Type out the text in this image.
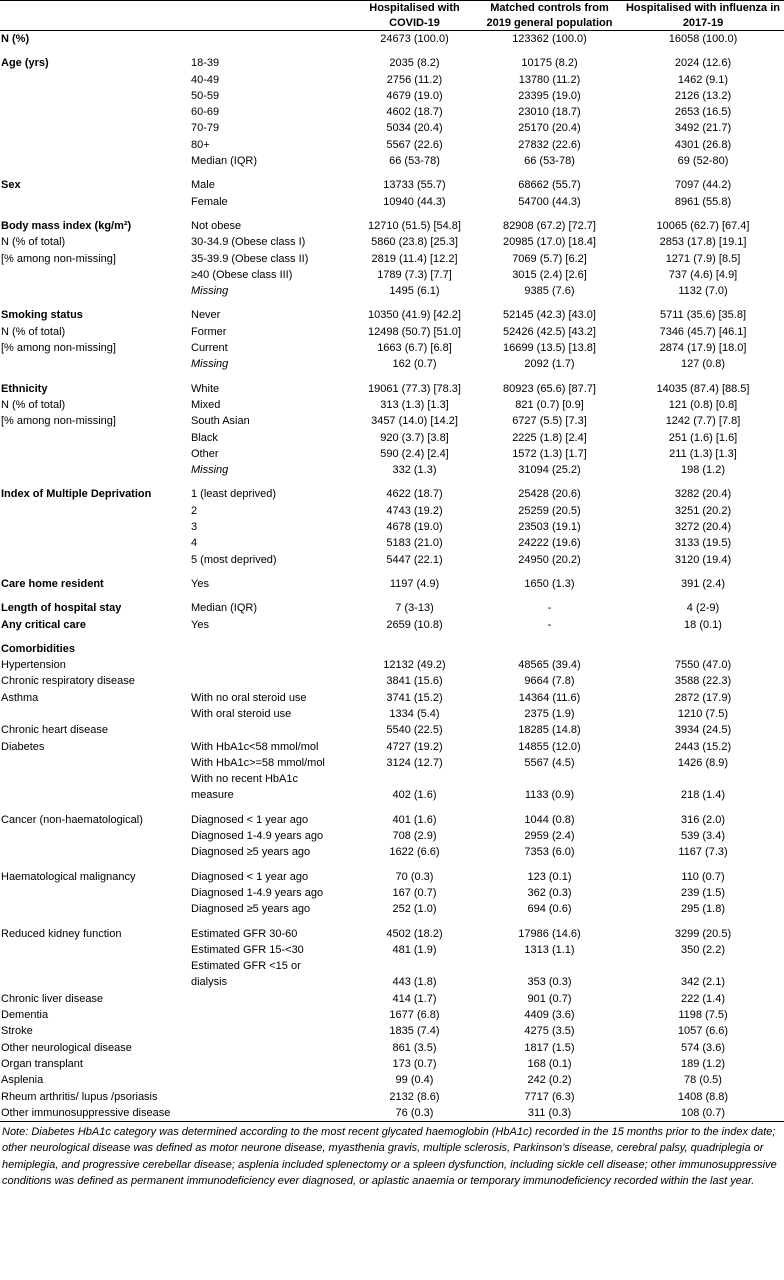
		Hospitalised with COVID-19	Matched controls from 2019 general population	Hospitalised with influenza in 2017-19
N (%)		24673 (100.0)	123362 (100.0)	16058 (100.0)

Age (yrs)	18-39	2035 (8.2)	10175 (8.2)	2024 (12.6)
	40-49	2756 (11.2)	13780 (11.2)	1462 (9.1)
	50-59	4679 (19.0)	23395 (19.0)	2126 (13.2)
	60-69	4602 (18.7)	23010 (18.7)	2653 (16.5)
	70-79	5034 (20.4)	25170 (20.4)	3492 (21.7)
	80+	5567 (22.6)	27832 (22.6)	4301 (26.8)
	Median (IQR)	66 (53-78)	66 (53-78)	69 (52-80)

Sex	Male	13733 (55.7)	68662 (55.7)	7097 (44.2)
	Female	10940 (44.3)	54700 (44.3)	8961 (55.8)

Body mass index (kg/m²)	Not obese	12710 (51.5) [54.8]	82908 (67.2) [72.7]	10065 (62.7) [67.4]
N (% of total)	30-34.9 (Obese class I)	5860 (23.8) [25.3]	20985 (17.0) [18.4]	2853 (17.8) [19.1]
[% among non-missing]	35-39.9 (Obese class II)	2819 (11.4) [12.2]	7069 (5.7) [6.2]	1271 (7.9) [8.5]
	≥40 (Obese class III)	1789 (7.3) [7.7]	3015 (2.4) [2.6]	737 (4.6) [4.9]
	Missing	1495 (6.1)	9385 (7.6)	1132 (7.0)

Smoking status	Never	10350 (41.9) [42.2]	52145 (42.3) [43.0]	5711 (35.6) [35.8]
N (% of total)	Former	12498 (50.7) [51.0]	52426 (42.5) [43.2]	7346 (45.7) [46.1]
[% among non-missing]	Current	1663 (6.7) [6.8]	16699 (13.5) [13.8]	2874 (17.9) [18.0]
	Missing	162 (0.7)	2092 (1.7)	127 (0.8)

Ethnicity	White	19061 (77.3) [78.3]	80923 (65.6) [87.7]	14035 (87.4) [88.5]
N (% of total)	Mixed	313 (1.3) [1.3]	821 (0.7) [0.9]	121 (0.8) [0.8]
[% among non-missing]	South Asian	3457 (14.0) [14.2]	6727 (5.5) [7.3]	1242 (7.7) [7.8]
	Black	920 (3.7) [3.8]	2225 (1.8) [2.4]	251 (1.6) [1.6]
	Other	590 (2.4) [2.4]	1572 (1.3) [1.7]	211 (1.3) [1.3]
	Missing	332 (1.3)	31094 (25.2)	198 (1.2)

Index of Multiple Deprivation	1 (least deprived)	4622 (18.7)	25428 (20.6)	3282 (20.4)
	2	4743 (19.2)	25259 (20.5)	3251 (20.2)
	3	4678 (19.0)	23503 (19.1)	3272 (20.4)
	4	5183 (21.0)	24222 (19.6)	3133 (19.5)
	5 (most deprived)	5447 (22.1)	24950 (20.2)	3120 (19.4)

Care home resident	Yes	1197 (4.9)	1650 (1.3)	391 (2.4)

Length of hospital stay	Median (IQR)	7 (3-13)	-	4 (2-9)
Any critical care	Yes	2659 (10.8)	-	18 (0.1)

Comorbidities				
Hypertension		12132 (49.2)	48565 (39.4)	7550 (47.0)
Chronic respiratory disease		3841 (15.6)	9664 (7.8)	3588 (22.3)
Asthma	With no oral steroid use	3741 (15.2)	14364 (11.6)	2872 (17.9)
	With oral steroid use	1334 (5.4)	2375 (1.9)	1210 (7.5)
Chronic heart disease		5540 (22.5)	18285 (14.8)	3934 (24.5)
Diabetes	With HbA1c<58 mmol/mol	4727 (19.2)	14855 (12.0)	2443 (15.2)
	With HbA1c>=58 mmol/mol	3124 (12.7)	5567 (4.5)	1426 (8.9)
	With no recent HbA1c			
	measure	402 (1.6)	1133 (0.9)	218 (1.4)

Cancer (non-haematological)	Diagnosed < 1 year ago	401 (1.6)	1044 (0.8)	316 (2.0)
	Diagnosed 1-4.9 years ago	708 (2.9)	2959 (2.4)	539 (3.4)
	Diagnosed ≥5 years ago	1622 (6.6)	7353 (6.0)	1167 (7.3)

Haematological malignancy	Diagnosed < 1 year ago	70 (0.3)	123 (0.1)	110 (0.7)
	Diagnosed 1-4.9 years ago	167 (0.7)	362 (0.3)	239 (1.5)
	Diagnosed ≥5 years ago	252 (1.0)	694 (0.6)	295 (1.8)

Reduced kidney function	Estimated GFR 30-60	4502 (18.2)	17986 (14.6)	3299 (20.5)
	Estimated GFR 15-<30	481 (1.9)	1313 (1.1)	350 (2.2)
	Estimated GFR <15 or			
	dialysis	443 (1.8)	353 (0.3)	342 (2.1)
Chronic liver disease		414 (1.7)	901 (0.7)	222 (1.4)
Dementia		1677 (6.8)	4409 (3.6)	1198 (7.5)
Stroke		1835 (7.4)	4275 (3.5)	1057 (6.6)
Other neurological disease		861 (3.5)	1817 (1.5)	574 (3.6)
Organ transplant		173 (0.7)	168 (0.1)	189 (1.2)
Asplenia		99 (0.4)	242 (0.2)	78 (0.5)
Rheum arthritis/ lupus /psoriasis		2132 (8.6)	7717 (6.3)	1408 (8.8)
Other immunosuppressive disease		76 (0.3)	311 (0.3)	108 (0.7)
Note: Diabetes HbA1c category was determined according to the most recent glycated haemoglobin (HbA1c) recorded in the 15 months prior to the index date; other neurological disease was defined as motor neurone disease, myasthenia gravis, multiple sclerosis, Parkinson’s disease, cerebral palsy, quadriplegia or hemiplegia, and progressive cerebellar disease; asplenia included splenectomy or a spleen dysfunction, including sickle cell disease; other immunosuppressive conditions was defined as permanent immunodeficiency ever diagnosed, or aplastic anaemia or temporary immunodeficiency recorded within the last year.
